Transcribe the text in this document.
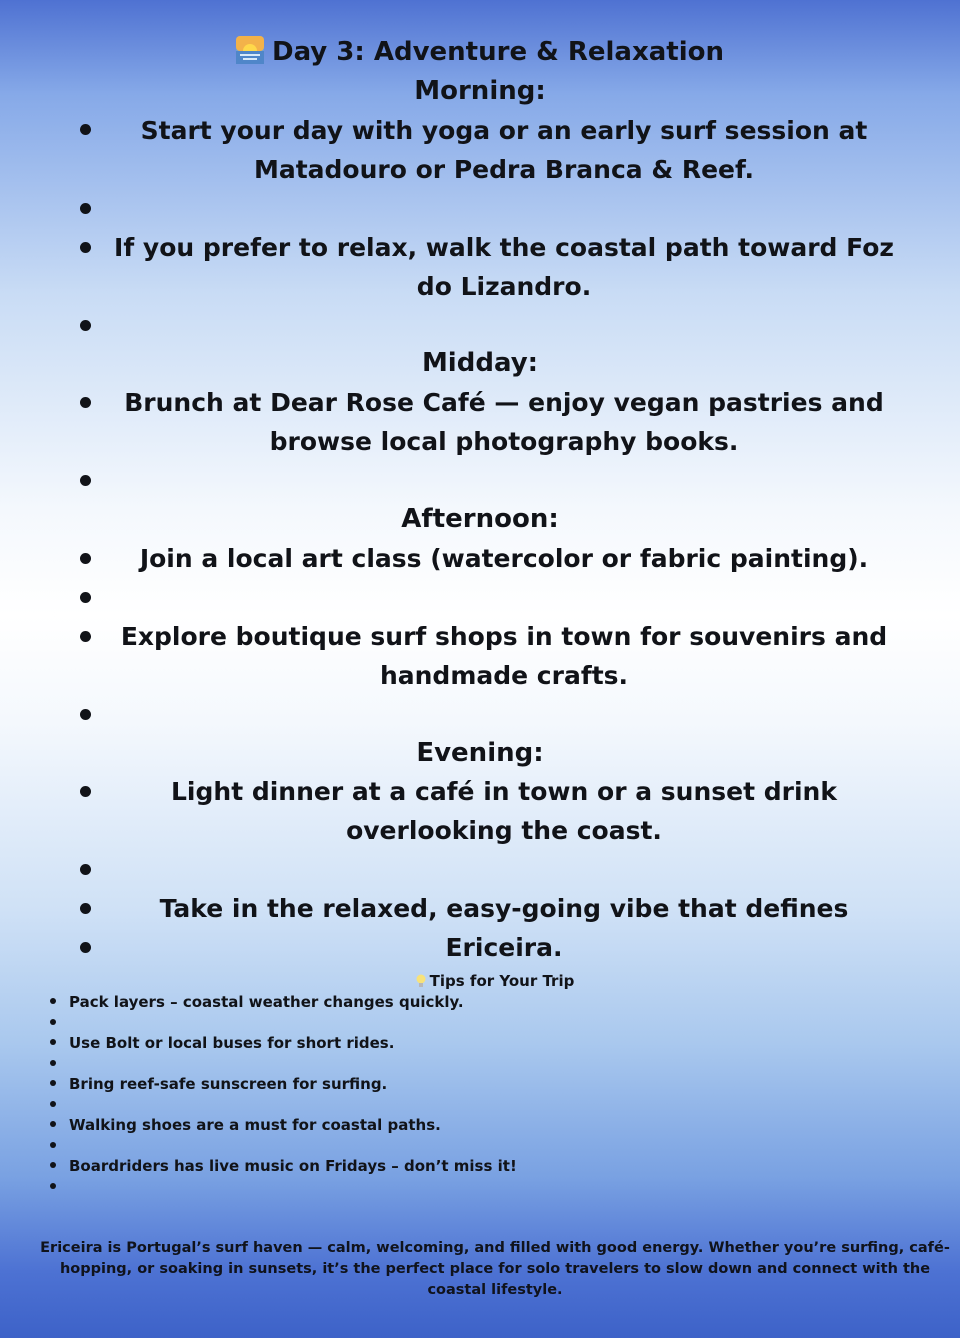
Day 3: Adventure & Relaxation
Morning:
Start your day with yoga or an early surf session at Matadouro or Pedra Branca & Reef.
If you prefer to relax, walk the coastal path toward Foz do Lizandro.
Midday:
Brunch at Dear Rose Café — enjoy vegan pastries and browse local photography books.
Afternoon:
Join a local art class (watercolor or fabric painting).
Explore boutique surf shops in town for souvenirs and handmade crafts.
Evening:
Light dinner at a café in town or a sunset drink overlooking the coast.
Take in the relaxed, easy-going vibe that defines Ericeira.
Tips for Your Trip
Pack layers – coastal weather changes quickly.
Use Bolt or local buses for short rides.
Bring reef-safe sunscreen for surfing.
Walking shoes are a must for coastal paths.
Boardriders has live music on Fridays – don’t miss it!
Ericeira is Portugal’s surf haven — calm, welcoming, and filled with good energy. Whether you’re surfing, café-hopping, or soaking in sunsets, it’s the perfect place for solo travelers to slow down and connect with the coastal lifestyle.
